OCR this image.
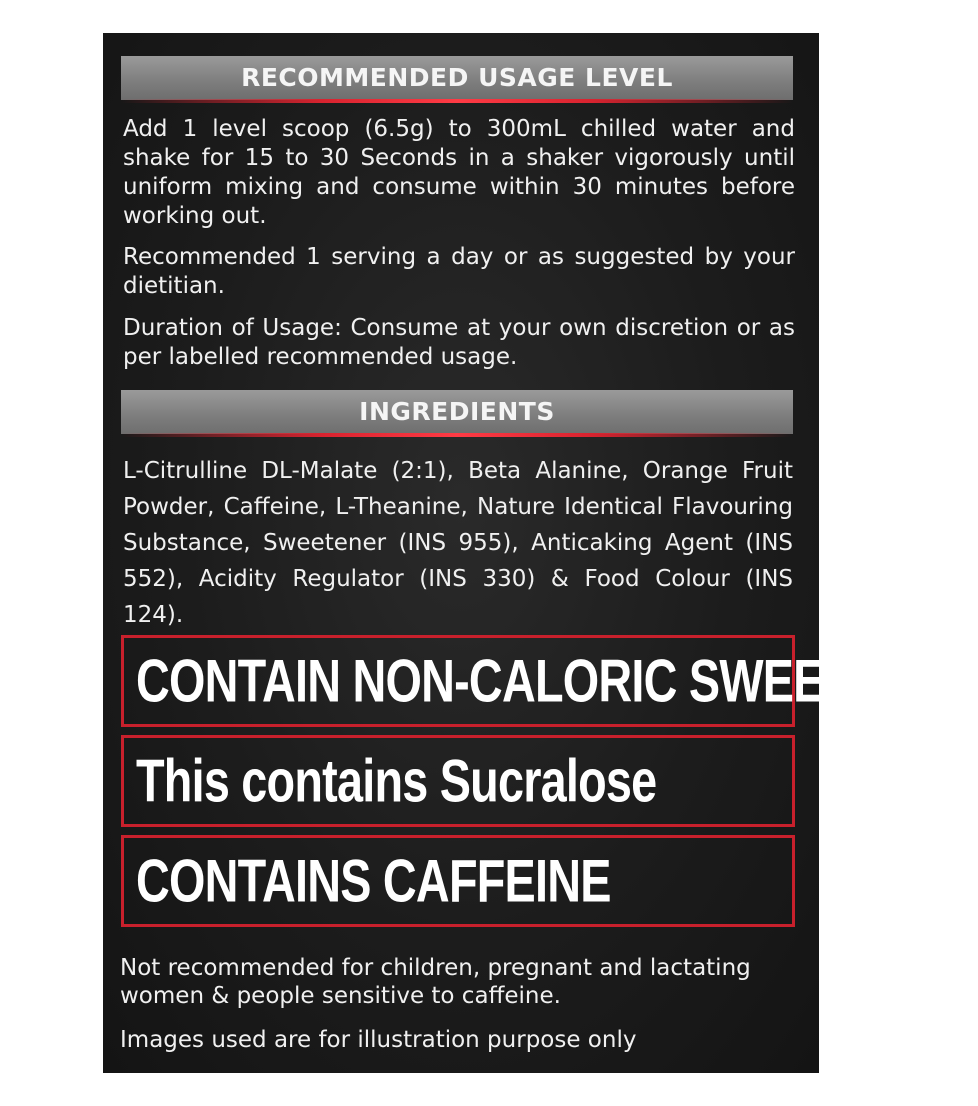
RECOMMENDED USAGE LEVEL
Add 1 level scoop (6.5g) to 300mL chilled water and shake for 15 to 30 Seconds in a shaker vigorously until uniform mixing and consume within 30 minutes before working out.
Recommended 1 serving a day or as suggested by your dietitian.
Duration of Usage: Consume at your own discretion or as per labelled recommended usage.
INGREDIENTS
L-Citrulline DL-Malate (2:1), Beta Alanine, Orange Fruit Powder, Caffeine, L-Theanine, Nature Identical Flavouring Substance, Sweetener (INS 955), Anticaking Agent (INS 552), Acidity Regulator (INS 330) & Food Colour (INS 124).
CONTAIN NON-CALORIC SWEETENER
This contains Sucralose
CONTAINS CAFFEINE
Not recommended for children, pregnant and lactating women & people sensitive to caffeine.
Images used are for illustration purpose only
